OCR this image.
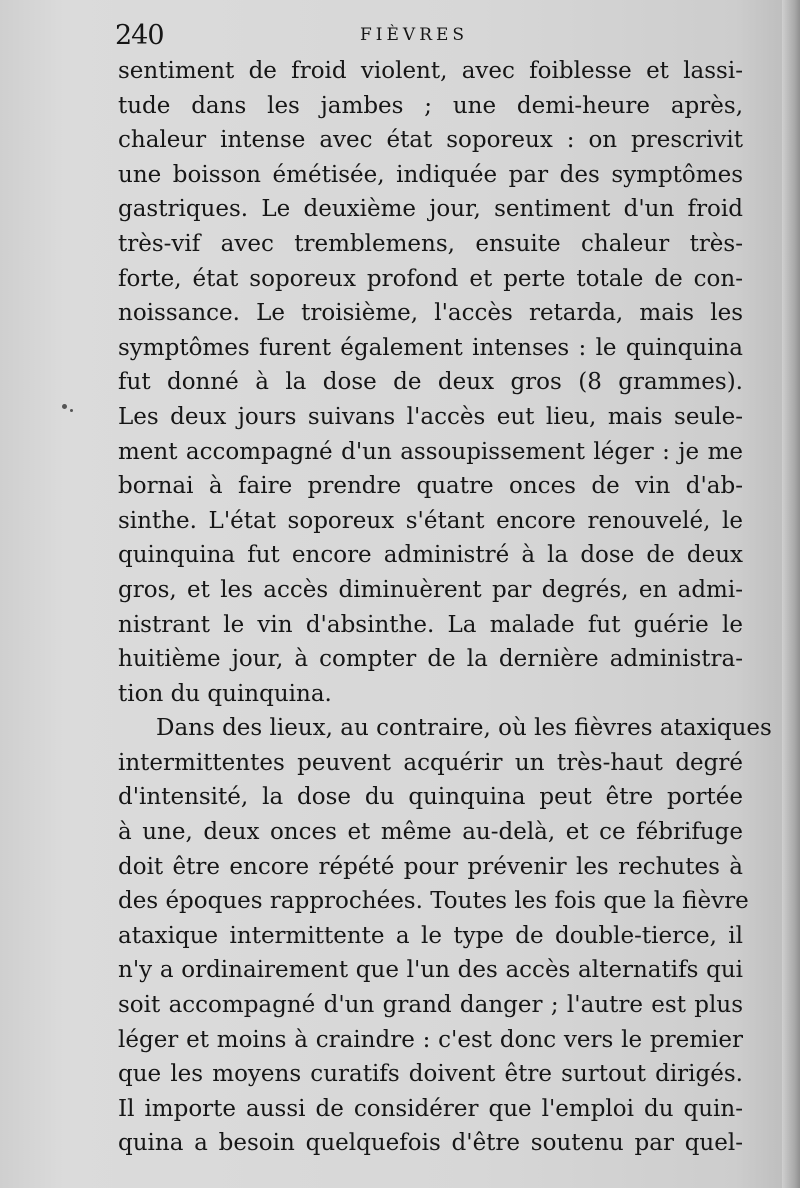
240	FIÈVRES
sentiment de froid violent, avec foiblesse et lassi-
tude dans les jambes ; une demi-heure après,
chaleur intense avec état soporeux : on prescrivit
une boisson émétisée, indiquée par des symptômes
gastriques. Le deuxième jour, sentiment d'un froid
très-vif avec tremblemens, ensuite chaleur très-
forte, état soporeux profond et perte totale de con-
noissance. Le troisième, l'accès retarda, mais les
symptômes furent également intenses : le quinquina
fut donné à la dose de deux gros (8 grammes).
Les deux jours suivans l'accès eut lieu, mais seule-
ment accompagné d'un assoupissement léger : je me
bornai à faire prendre quatre onces de vin d'ab-
sinthe. L'état soporeux s'étant encore renouvelé, le
quinquina fut encore administré à la dose de deux
gros, et les accès diminuèrent par degrés, en admi-
nistrant le vin d'absinthe. La malade fut guérie le
huitième jour, à compter de la dernière administra-
tion du quinquina.
Dans des lieux, au contraire, où les fièvres ataxiques
intermittentes peuvent acquérir un très-haut degré
d'intensité, la dose du quinquina peut être portée
à une, deux onces et même au-delà, et ce fébrifuge
doit être encore répété pour prévenir les rechutes à
des époques rapprochées. Toutes les fois que la fièvre
ataxique intermittente a le type de double-tierce, il
n'y a ordinairement que l'un des accès alternatifs qui
soit accompagné d'un grand danger ; l'autre est plus
léger et moins à craindre : c'est donc vers le premier
que les moyens curatifs doivent être surtout dirigés.
Il importe aussi de considérer que l'emploi du quin-
quina a besoin quelquefois d'être soutenu par quel-
